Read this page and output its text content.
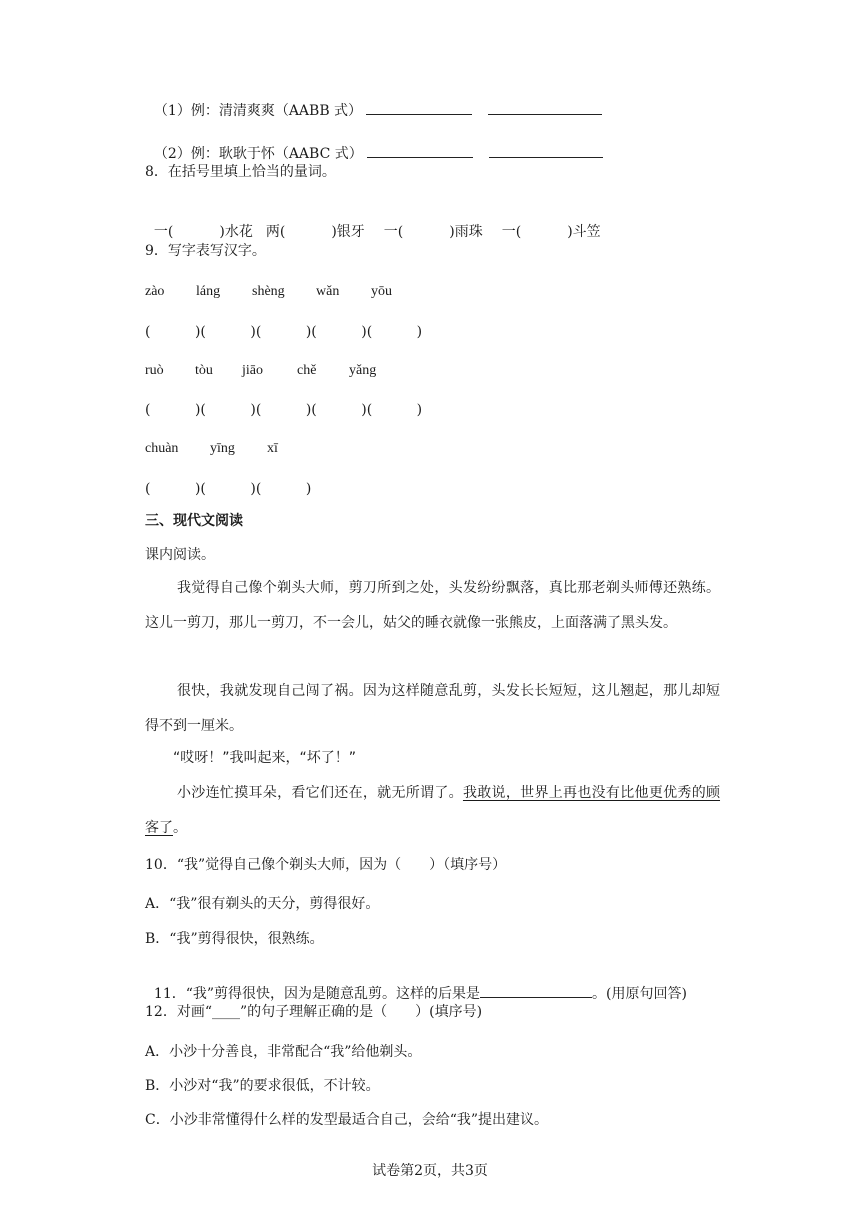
（1）例：清清爽爽（AABB 式）

（2）例：耿耿于怀（AABC 式）

8．在括号里填上恰当的量词。

一(	)水花 两(	)银牙 一(	)雨珠 一(	)斗笠

9．写字表写汉字。
zào	láng	shèng	wǎn	yōu
(          )(          )(          )(          )(          )
ruò	tòu	jiāo	chě	yǎng
(          )(          )(          )(          )(          )
chuàn	yīng	xī
(          )(          )(          )
三、现代文阅读
课内阅读。
我觉得自己像个剃头大师，剪刀所到之处，头发纷纷飘落，真比那老剃头师傅还熟练。这儿一剪刀，那儿一剪刀，不一会儿，姑父的睡衣就像一张熊皮，上面落满了黑头发。
很快，我就发现自己闯了祸。因为这样随意乱剪，头发长长短短，这儿翘起，那儿却短得不到一厘米。
“哎呀！”我叫起来，“坏了！”
小沙连忙摸耳朵，看它们还在，就无所谓了。我敢说，世界上再也没有比他更优秀的顾客了。
10．“我”觉得自己像个剃头大师，因为（　　）（填序号）
A．“我”很有剃头的天分，剪得很好。
B．“我”剪得很快，很熟练。

11．“我”剪得很快，因为是随意乱剪。这样的后果是	。(用原句回答)

12．对画“____”的句子理解正确的是（　　）(填序号)
A．小沙十分善良，非常配合“我”给他剃头。
B．小沙对“我”的要求很低，不计较。
C．小沙非常懂得什么样的发型最适合自己，会给“我”提出建议。
试卷第2页，共3页
